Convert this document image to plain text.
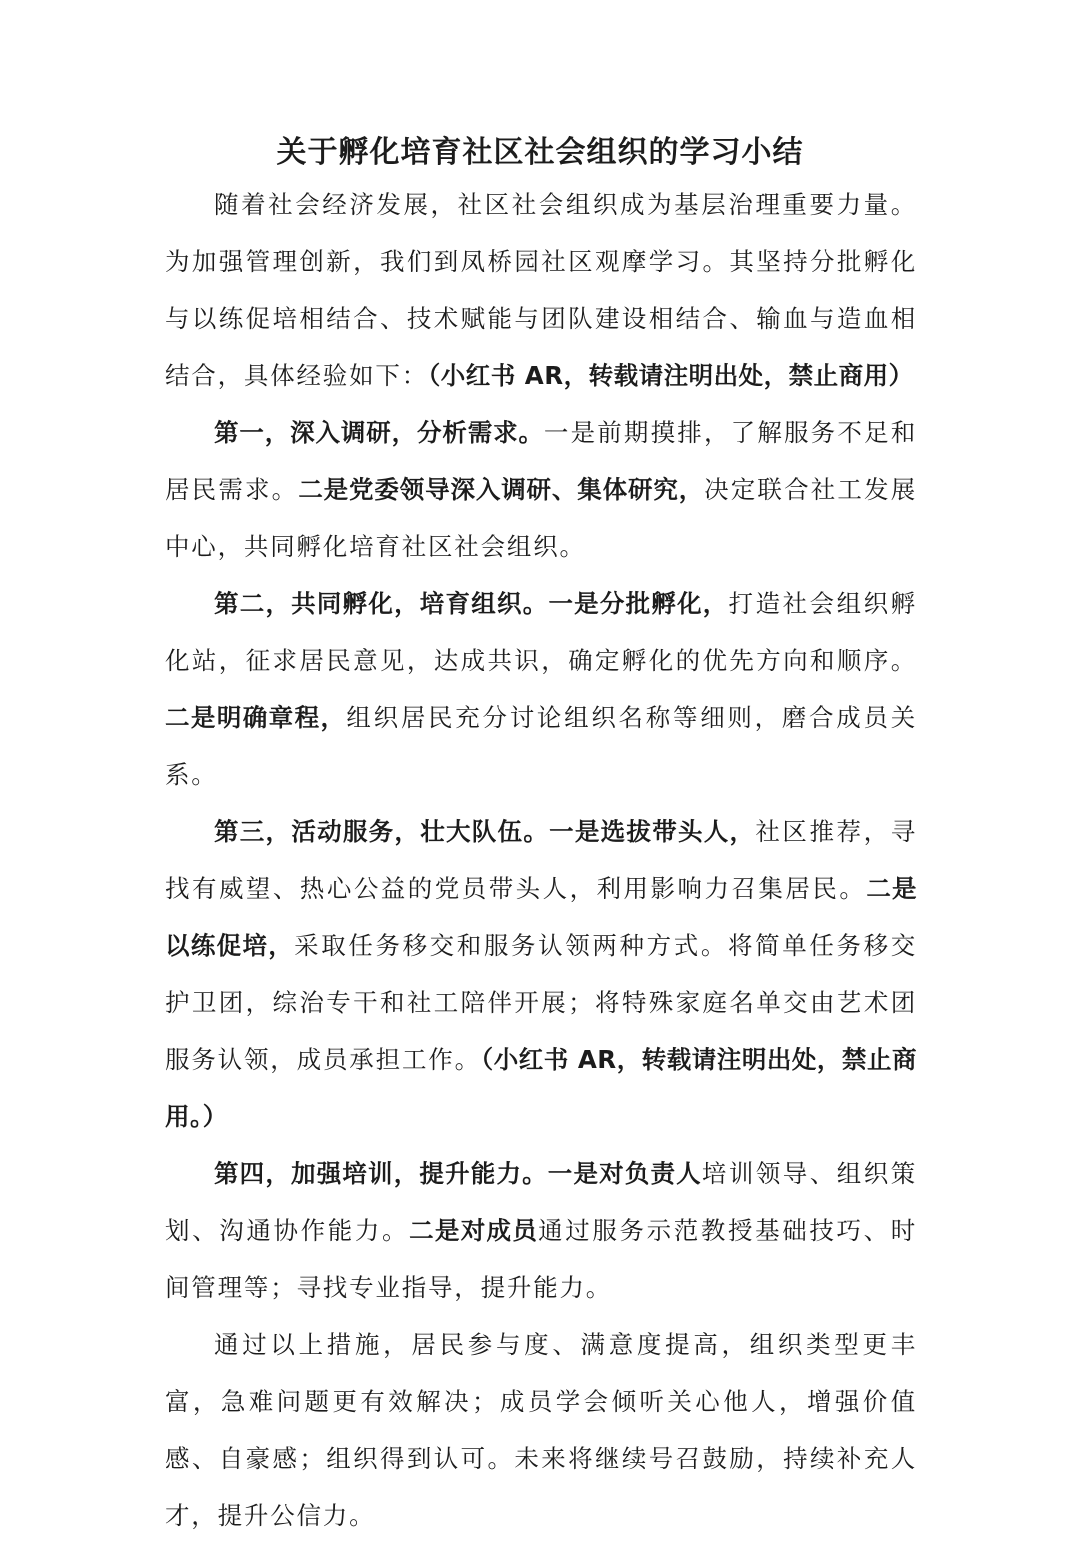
关于孵化培育社区社会组织的学习小结

随着社会经济发展，社区社会组织成为基层治理重要力量。为加强管理创新，我们到凤桥园社区观摩学习。其坚持分批孵化与以练促培相结合、技术赋能与团队建设相结合、输血与造血相结合，具体经验如下：（小红书 AR，转载请注明出处，禁止商用）

第一，深入调研，分析需求。一是前期摸排，了解服务不足和居民需求。二是党委领导深入调研、集体研究，决定联合社工发展中心，共同孵化培育社区社会组织。

第二，共同孵化，培育组织。一是分批孵化，打造社会组织孵化站，征求居民意见，达成共识，确定孵化的优先方向和顺序。二是明确章程，组织居民充分讨论组织名称等细则，磨合成员关系。

第三，活动服务，壮大队伍。一是选拔带头人，社区推荐，寻找有威望、热心公益的党员带头人，利用影响力召集居民。二是以练促培，采取任务移交和服务认领两种方式。将简单任务移交护卫团，综治专干和社工陪伴开展；将特殊家庭名单交由艺术团服务认领，成员承担工作。（小红书 AR，转载请注明出处，禁止商用。）

第四，加强培训，提升能力。一是对负责人培训领导、组织策划、沟通协作能力。二是对成员通过服务示范教授基础技巧、时间管理等；寻找专业指导，提升能力。

通过以上措施，居民参与度、满意度提高，组织类型更丰富，急难问题更有效解决；成员学会倾听关心他人，增强价值感、自豪感；组织得到认可。未来将继续号召鼓励，持续补充人才，提升公信力。
